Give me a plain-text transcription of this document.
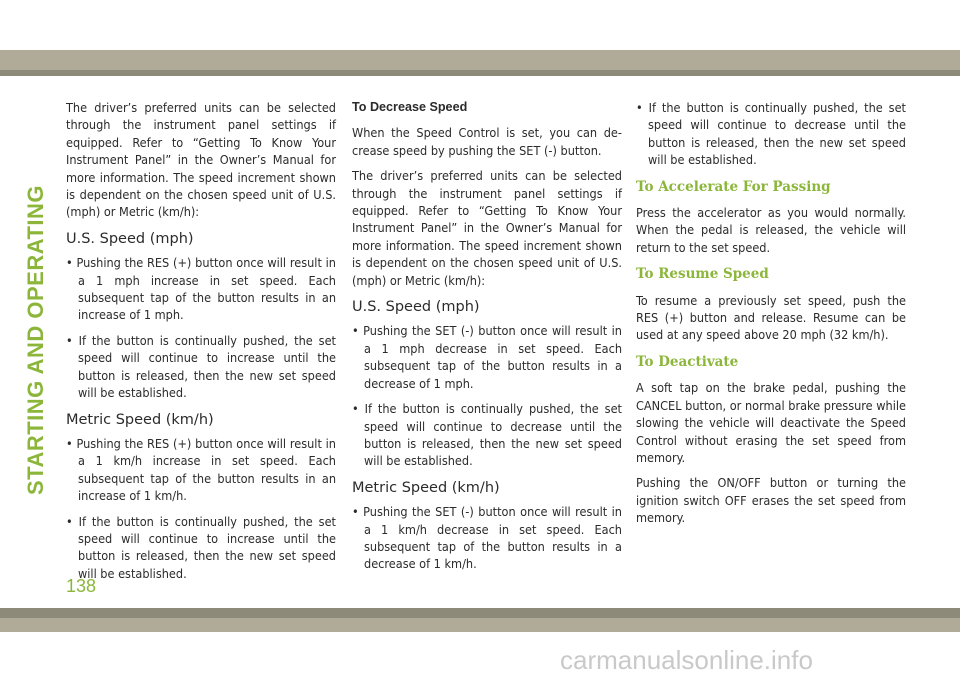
STARTING AND OPERATING

The driver’s preferred units can be selected through the instrument panel settings if equipped. Refer to “Getting To Know Your Instrument Panel” in the Owner’s Manual for more information. The speed increment shown is dependent on the chosen speed unit of U.S. (mph) or Metric (km/h):

U.S. Speed (mph)
• Pushing the RES (+) button once will result in a 1 mph increase in set speed. Each subsequent tap of the button results in an increase of 1 mph.
• If the button is continually pushed, the set speed will continue to increase until the button is released, then the new set speed will be established.
Metric Speed (km/h)
• Pushing the RES (+) button once will result in a 1 km/h increase in set speed. Each subsequent tap of the button results in an increase of 1 km/h.
• If the button is continually pushed, the set speed will continue to increase until the button is released, then the new set speed will be established.
To Decrease Speed

When the Speed Control is set, you can de-crease speed by pushing the SET (-) button.

The driver’s preferred units can be selected through the instrument panel settings if equipped. Refer to “Getting To Know Your Instrument Panel” in the Owner’s Manual for more information. The speed increment shown is dependent on the chosen speed unit of U.S. (mph) or Metric (km/h):

U.S. Speed (mph)
• Pushing the SET (-) button once will result in a 1 mph decrease in set speed. Each subsequent tap of the button results in a decrease of 1 mph.
• If the button is continually pushed, the set speed will continue to decrease until the button is released, then the new set speed will be established.
Metric Speed (km/h)
• Pushing the SET (-) button once will result in a 1 km/h decrease in set speed. Each subsequent tap of the button results in a decrease of 1 km/h.
• If the button is continually pushed, the set speed will continue to decrease until the button is released, then the new set speed will be established.
To Accelerate For Passing

Press the accelerator as you would normally. When the pedal is released, the vehicle will return to the set speed.

To Resume Speed

To resume a previously set speed, push the RES (+) button and release. Resume can be used at any speed above 20 mph (32 km/h).

To Deactivate

A soft tap on the brake pedal, pushing the CANCEL button, or normal brake pressure while slowing the vehicle will deactivate the Speed Control without erasing the set speed from memory.

Pushing the ON/OFF button or turning the ignition switch OFF erases the set speed from memory.

138
carmanualsonline.info
